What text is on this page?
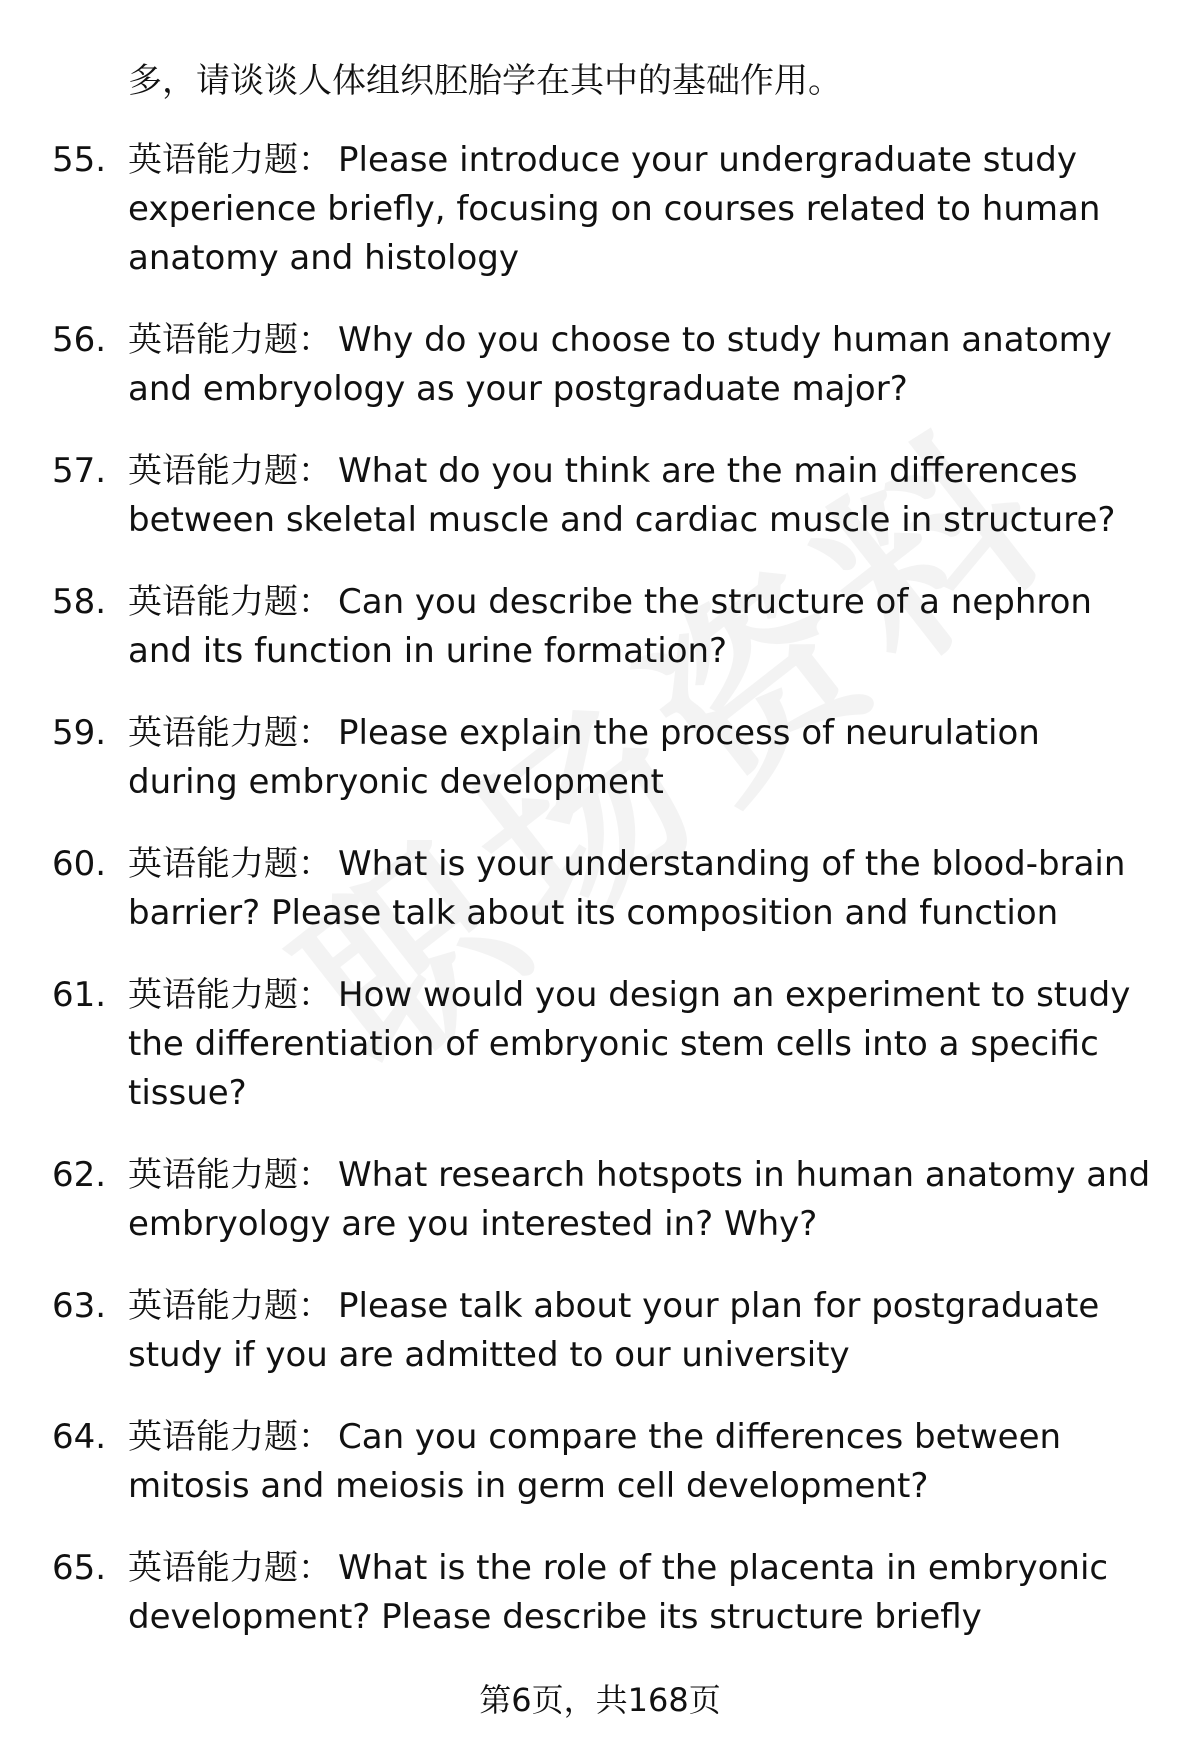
多，请谈谈人体组织胚胎学在其中的基础作用。
55. 英语能力题： Please introduce your undergraduate study experience briefly, focusing on courses related to human anatomy and histology
56. 英语能力题： Why do you choose to study human anatomy and embryology as your postgraduate major?
57. 英语能力题： What do you think are the main differences between skeletal muscle and cardiac muscle in structure?
58. 英语能力题： Can you describe the structure of a nephron and its function in urine formation?
59. 英语能力题： Please explain the process of neurulation during embryonic development
60. 英语能力题： What is your understanding of the blood-brain barrier? Please talk about its composition and function
61. 英语能力题： How would you design an experiment to study the differentiation of embryonic stem cells into a specific tissue?
62. 英语能力题： What research hotspots in human anatomy and embryology are you interested in? Why?
63. 英语能力题： Please talk about your plan for postgraduate study if you are admitted to our university
64. 英语能力题： Can you compare the differences between mitosis and meiosis in germ cell development?
65. 英语能力题： What is the role of the placenta in embryonic development? Please describe its structure briefly
第6页，共168页
